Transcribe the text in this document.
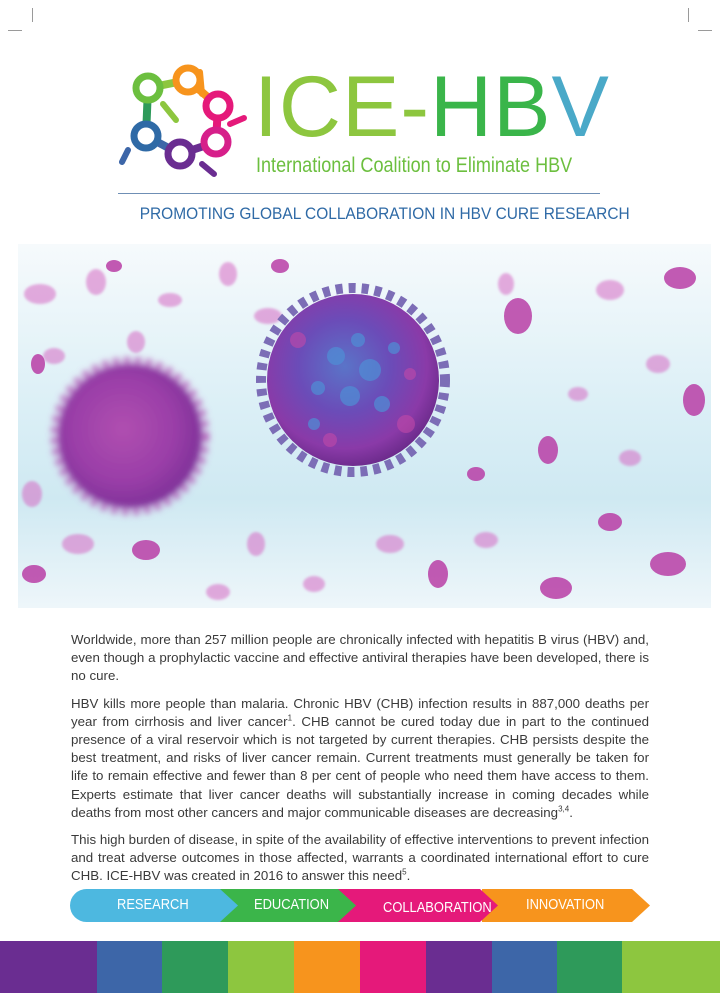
ICE-HBV

International Coalition to Eliminate HBV

PROMOTING GLOBAL COLLABORATION IN HBV CURE RESEARCH

Worldwide, more than 257 million people are chronically infected with hepatitis B virus (HBV) and, even though a prophylactic vaccine and effective antiviral therapies have been developed, there is no cure.

HBV kills more people than malaria. Chronic HBV (CHB) infection results in 887,000 deaths per year from cirrhosis and liver cancer$^1$. CHB cannot be cured today due in part to the continued presence of a viral reservoir which is not targeted by current therapies. CHB persists despite the best treatment, and risks of liver cancer remain. Current treatments must generally be taken for life to remain effective and fewer than 8 per cent of people who need them have access to them. Experts estimate that liver cancer deaths will substantially increase in coming decades while deaths from most other cancers and major communicable diseases are decreasing$^{3,4}$.

This high burden of disease, in spite of the availability of effective interventions to prevent infection and treat adverse outcomes in those affected, warrants a coordinated international effort to cure CHB. ICE-HBV was created in 2016 to answer this need$^5$.

RESEARCH	EDUCATION	COLLABORATION INNOVATION
